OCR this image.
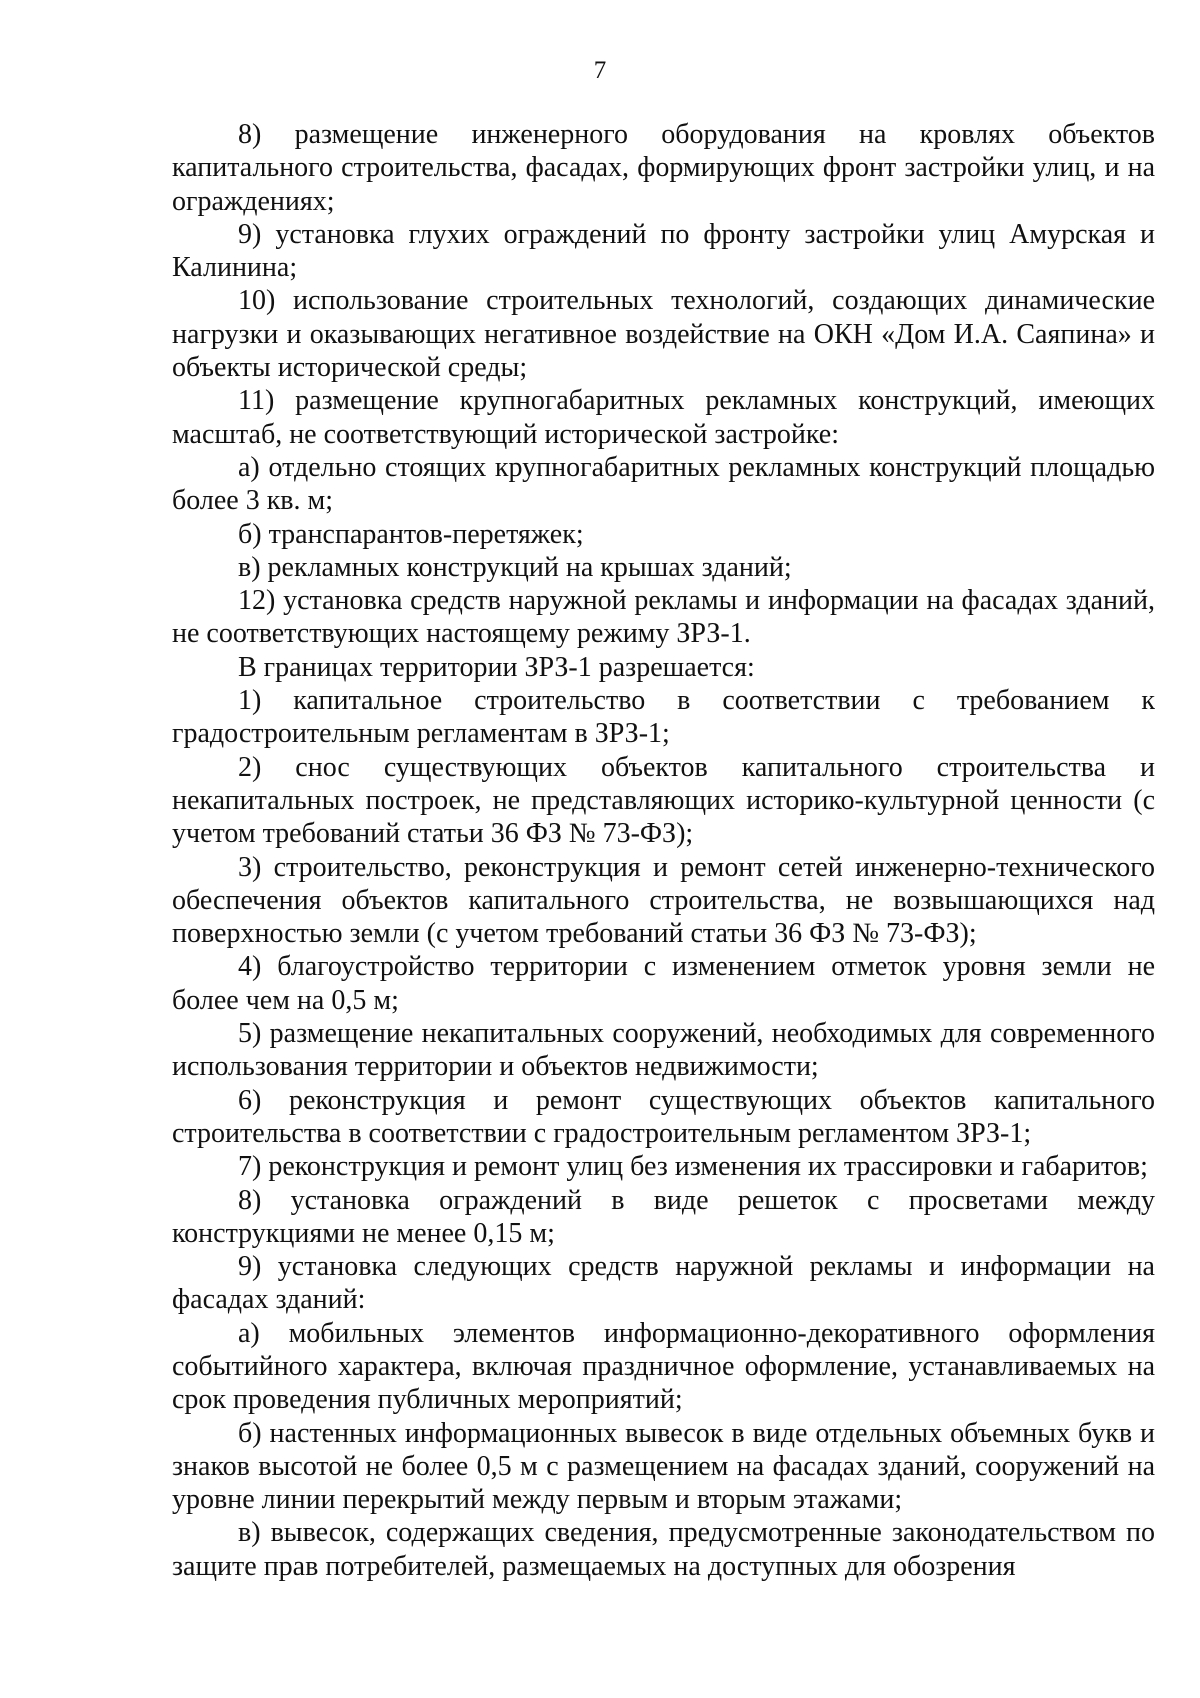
7

8) размещение инженерного оборудования на кровлях объектов капитального строительства, фасадах, формирующих фронт застройки улиц, и на ограждениях;

9) установка глухих ограждений по фронту застройки улиц Амурская и Калинина;

10) использование строительных технологий, создающих динамические нагрузки и оказывающих негативное воздействие на ОКН «Дом И.А. Саяпина» и объекты исторической среды;

11) размещение крупногабаритных рекламных конструкций, имеющих масштаб, не соответствующий исторической застройке:

а) отдельно стоящих крупногабаритных рекламных конструкций площадью более 3 кв. м;

б) транспарантов-перетяжек;

в) рекламных конструкций на крышах зданий;

12) установка средств наружной рекламы и информации на фасадах зданий, не соответствующих настоящему режиму ЗРЗ-1.

В границах территории ЗРЗ-1 разрешается:

1) капитальное строительство в соответствии с требованием к градостроительным регламентам в ЗРЗ-1;

2) снос существующих объектов капитального строительства и некапитальных построек, не представляющих историко-культурной ценности (с учетом требований статьи 36 ФЗ № 73-ФЗ);

3) строительство, реконструкция и ремонт сетей инженерно-технического обеспечения объектов капитального строительства, не возвышающихся над поверхностью земли (с учетом требований статьи 36 ФЗ № 73-ФЗ);

4) благоустройство территории с изменением отметок уровня земли не более чем на 0,5 м;

5) размещение некапитальных сооружений, необходимых для современного использования территории и объектов недвижимости;

6) реконструкция и ремонт существующих объектов капитального строительства в соответствии с градостроительным регламентом ЗРЗ-1;

7) реконструкция и ремонт улиц без изменения их трассировки и габаритов;

8) установка ограждений в виде решеток с просветами между конструкциями не менее 0,15 м;

9) установка следующих средств наружной рекламы и информации на фасадах зданий:

а) мобильных элементов информационно-декоративного оформления событийного характера, включая праздничное оформление, устанавливаемых на срок проведения публичных мероприятий;

б) настенных информационных вывесок в виде отдельных объемных букв и знаков высотой не более 0,5 м с размещением на фасадах зданий, сооружений на уровне линии перекрытий между первым и вторым этажами;

в) вывесок, содержащих сведения, предусмотренные законодательством по защите прав потребителей, размещаемых на доступных для обозрения
